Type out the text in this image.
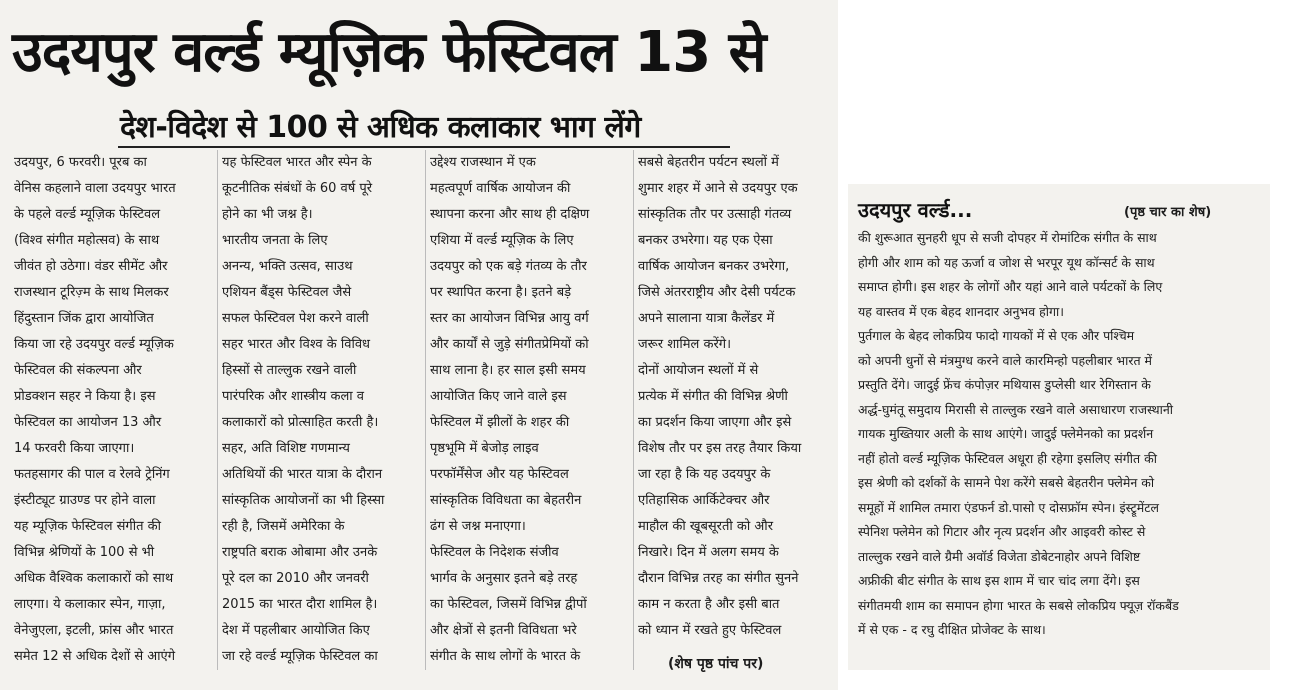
उदयपुर वर्ल्ड म्यूज़िक फेस्टिवल 13 से
देश-विदेश से 100 से अधिक कलाकार भाग लेंगे
उदयपुर, 6 फरवरी। पूरब का
वेनिस कहलाने वाला उदयपुर भारत
के पहले वर्ल्ड म्यूज़िक फेस्टिवल
(विश्व संगीत महोत्सव) के साथ
जीवंत हो उठेगा। वंडर सीमेंट और
राजस्थान टूरिज़्म के साथ मिलकर
हिंदुस्तान जिंक द्वारा आयोजित
किया जा रहे उदयपुर वर्ल्ड म्यूज़िक
फेस्टिवल की संकल्पना और
प्रोडक्शन सहर ने किया है। इस
फेस्टिवल का आयोजन 13 और
14 फरवरी किया जाएगा।
फतहसागर की पाल व रेलवे ट्रेनिंग
इंस्टीट्यूट ग्राउण्ड पर होने वाला
यह म्यूज़िक फेस्टिवल संगीत की
विभिन्न श्रेणियों के 100 से भी
अधिक वैश्विक कलाकारों को साथ
लाएगा। ये कलाकार स्पेन, गाज़ा,
वेनेजुएला, इटली, फ्रांस और भारत
समेत 12 से अधिक देशों से आएंगे
यह फेस्टिवल भारत और स्पेन के
कूटनीतिक संबंधों के 60 वर्ष पूरे
होने का भी जश्न है।
भारतीय जनता के लिए
अनन्य, भक्ति उत्सव, साउथ
एशियन बैंड्स फेस्टिवल जैसे
सफल फेस्टिवल पेश करने वाली
सहर भारत और विश्व के विविध
हिस्सों से ताल्लुक रखने वाली
पारंपरिक और शास्त्रीय कला व
कलाकारों को प्रोत्साहित करती है।
सहर, अति विशिष्ट गणमान्य
अतिथियों की भारत यात्रा के दौरान
सांस्कृतिक आयोजनों का भी हिस्सा
रही है, जिसमें अमेरिका के
राष्ट्रपति बराक ओबामा और उनके
पूरे दल का 2010 और जनवरी
2015 का भारत दौरा शामिल है।
देश में पहलीबार आयोजित किए
जा रहे वर्ल्ड म्यूज़िक फेस्टिवल का
उद्देश्य राजस्थान में एक
महत्वपूर्ण वार्षिक आयोजन की
स्थापना करना और साथ ही दक्षिण
एशिया में वर्ल्ड म्यूज़िक के लिए
उदयपुर को एक बड़े गंतव्य के तौर
पर स्थापित करना है। इतने बड़े
स्तर का आयोजन विभिन्न आयु वर्ग
और कार्यों से जुड़े संगीतप्रेमियों को
साथ लाना है। हर साल इसी समय
आयोजित किए जाने वाले इस
फेस्टिवल में झीलों के शहर की
पृष्ठभूमि में बेजोड़ लाइव
परफॉर्मेंसेज और यह फेस्टिवल
सांस्कृतिक विविधता का बेहतरीन
ढंग से जश्न मनाएगा।
फेस्टिवल के निदेशक संजीव
भार्गव के अनुसार इतने बड़े तरह
का फेस्टिवल, जिसमें विभिन्न द्वीपों
और क्षेत्रों से इतनी विविधता भरे
संगीत के साथ लोगों के भारत के
सबसे बेहतरीन पर्यटन स्थलों में
शुमार शहर में आने से उदयपुर एक
सांस्कृतिक तौर पर उत्साही गंतव्य
बनकर उभरेगा। यह एक ऐसा
वार्षिक आयोजन बनकर उभरेगा,
जिसे अंतरराष्ट्रीय और देसी पर्यटक
अपने सालाना यात्रा कैलेंडर में
जरूर शामिल करेंगे।
दोनों आयोजन स्थलों में से
प्रत्येक में संगीत की विभिन्न श्रेणी
का प्रदर्शन किया जाएगा और इसे
विशेष तौर पर इस तरह तैयार किया
जा रहा है कि यह उदयपुर के
एतिहासिक आर्किटेक्चर और
माहौल की खूबसूरती को और
निखारे। दिन में अलग समय के
दौरान विभिन्न तरह का संगीत सुनने
काम न करता है और इसी बात
को ध्यान में रखते हुए फेस्टिवल
(शेष पृष्ठ पांच पर)
उदयपुर वर्ल्ड...	(पृष्ठ चार का शेष)
की शुरूआत सुनहरी धूप से सजी दोपहर में रोमांटिक संगीत के साथ
होगी और शाम को यह ऊर्जा व जोश से भरपूर यूथ कॉन्सर्ट के साथ
समाप्त होगी। इस शहर के लोगों और यहां आने वाले पर्यटकों के लिए
यह वास्तव में एक बेहद शानदार अनुभव होगा।
पुर्तगाल के बेहद लोकप्रिय फादो गायकों में से एक और पश्चिम
को अपनी धुनों से मंत्रमुग्ध करने वाले कारमिन्हो पहलीबार भारत में
प्रस्तुति देंगे। जादुई फ्रेंच कंपोज़र मथियास डुप्लेसी थार रेगिस्तान के
अर्द्ध-घुमंतू समुदाय मिरासी से ताल्लुक रखने वाले असाधारण राजस्थानी
गायक मुख्तियार अली के साथ आएंगे। जादुई फ्लेमेनको का प्रदर्शन
नहीं होतो वर्ल्ड म्यूज़िक फेस्टिवल अधूरा ही रहेगा इसलिए संगीत की
इस श्रेणी को दर्शकों के सामने पेश करेंगे सबसे बेहतरीन फ्लेमेन को
समूहों में शामिल तमारा एंडफर्न डो.पासो ए दोसफ्रॉम स्पेन। इंस्ट्रूमेंटल
स्पेनिश फ्लेमेन को गिटार और नृत्य प्रदर्शन और आइवरी कोस्ट से
ताल्लुक रखने वाले ग्रैमी अवॉर्ड विजेता डोबेटनाहोर अपने विशिष्ट
अफ्रीकी बीट संगीत के साथ इस शाम में चार चांद लगा देंगे। इस
संगीतमयी शाम का समापन होगा भारत के सबसे लोकप्रिय फ्यूज़ रॉकबैंड
में से एक - द रघु दीक्षित प्रोजेक्ट के साथ।
